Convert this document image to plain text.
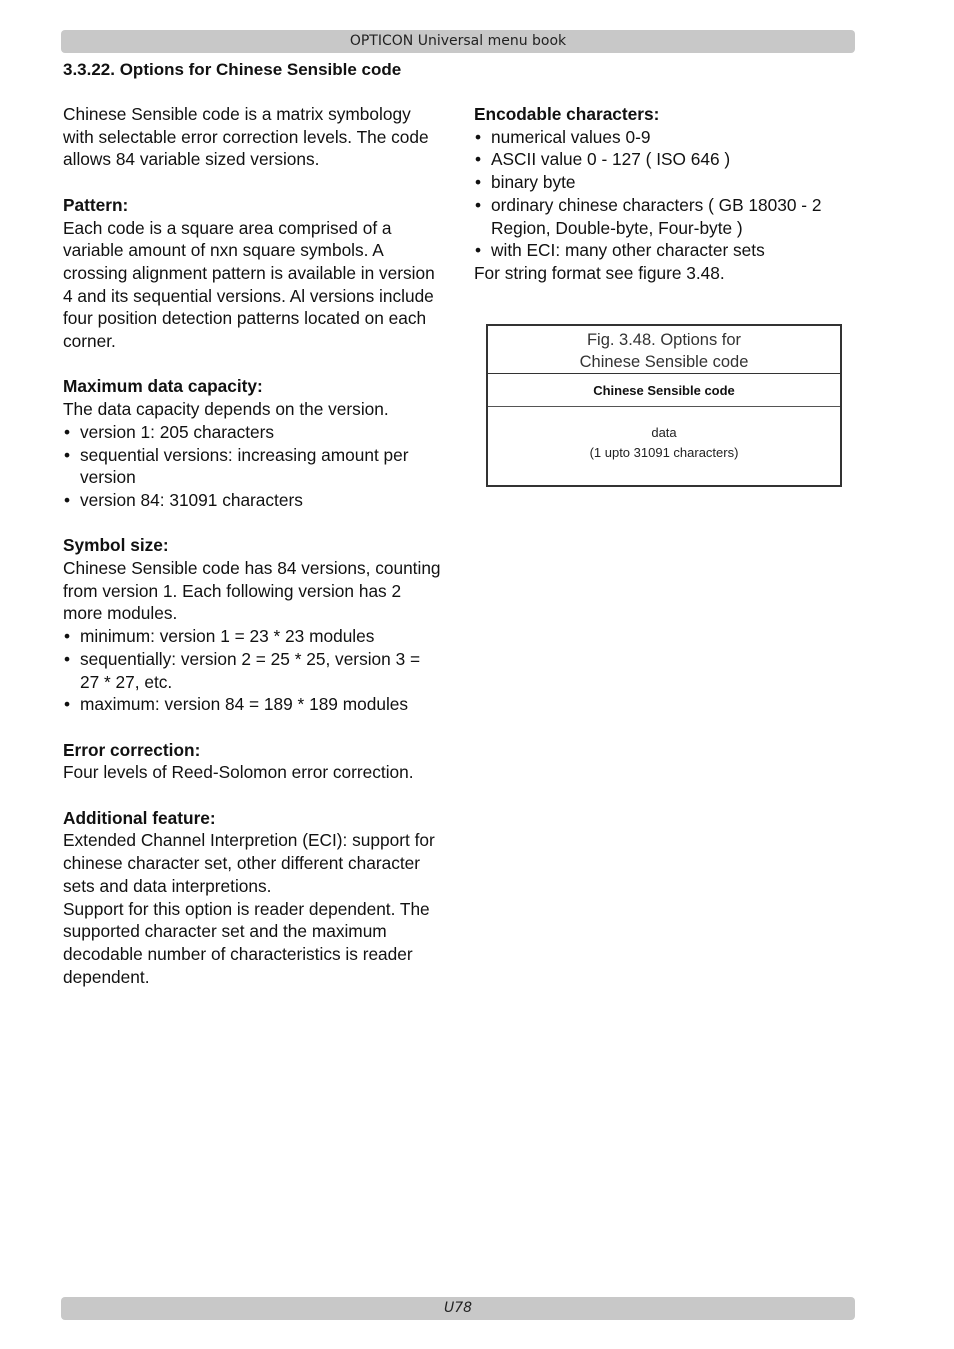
OPTICON Universal menu book
3.3.22. Options for Chinese Sensible code
Chinese Sensible code is a matrix symbology with selectable error correction levels. The code allows 84 variable sized versions.
Pattern:
Each code is a square area comprised of a variable amount of nxn square symbols. A crossing alignment pattern is available in version 4 and its sequential versions. Al versions include four position detection patterns located on each corner.
Maximum data capacity:
The data capacity depends on the version.
• version 1: 205 characters
• sequential versions: increasing amount per version
• version 84: 31091 characters
Symbol size:
Chinese Sensible code has 84 versions, counting from version 1. Each following version has 2 more modules.
• minimum: version 1 = 23 * 23 modules
• sequentially: version 2 = 25 * 25, version 3 = 27 * 27, etc.
• maximum: version 84 = 189 * 189 modules
Error correction:
Four levels of Reed-Solomon error correction.
Additional feature:
Extended Channel Interpretion (ECI): support for chinese character set, other different character sets and data interpretions.
Support for this option is reader dependent. The supported character set and the maximum decodable number of characteristics is reader dependent.
Encodable characters:
• numerical values 0-9
• ASCII value 0 - 127 ( ISO 646 )
• binary byte
• ordinary chinese characters ( GB 18030 - 2 Region, Double-byte, Four-byte )
• with ECI: many other character sets
For string format see figure 3.48.
Fig. 3.48. Options for
Chinese Sensible code
Chinese Sensible code
data
(1 upto 31091 characters)
U78
